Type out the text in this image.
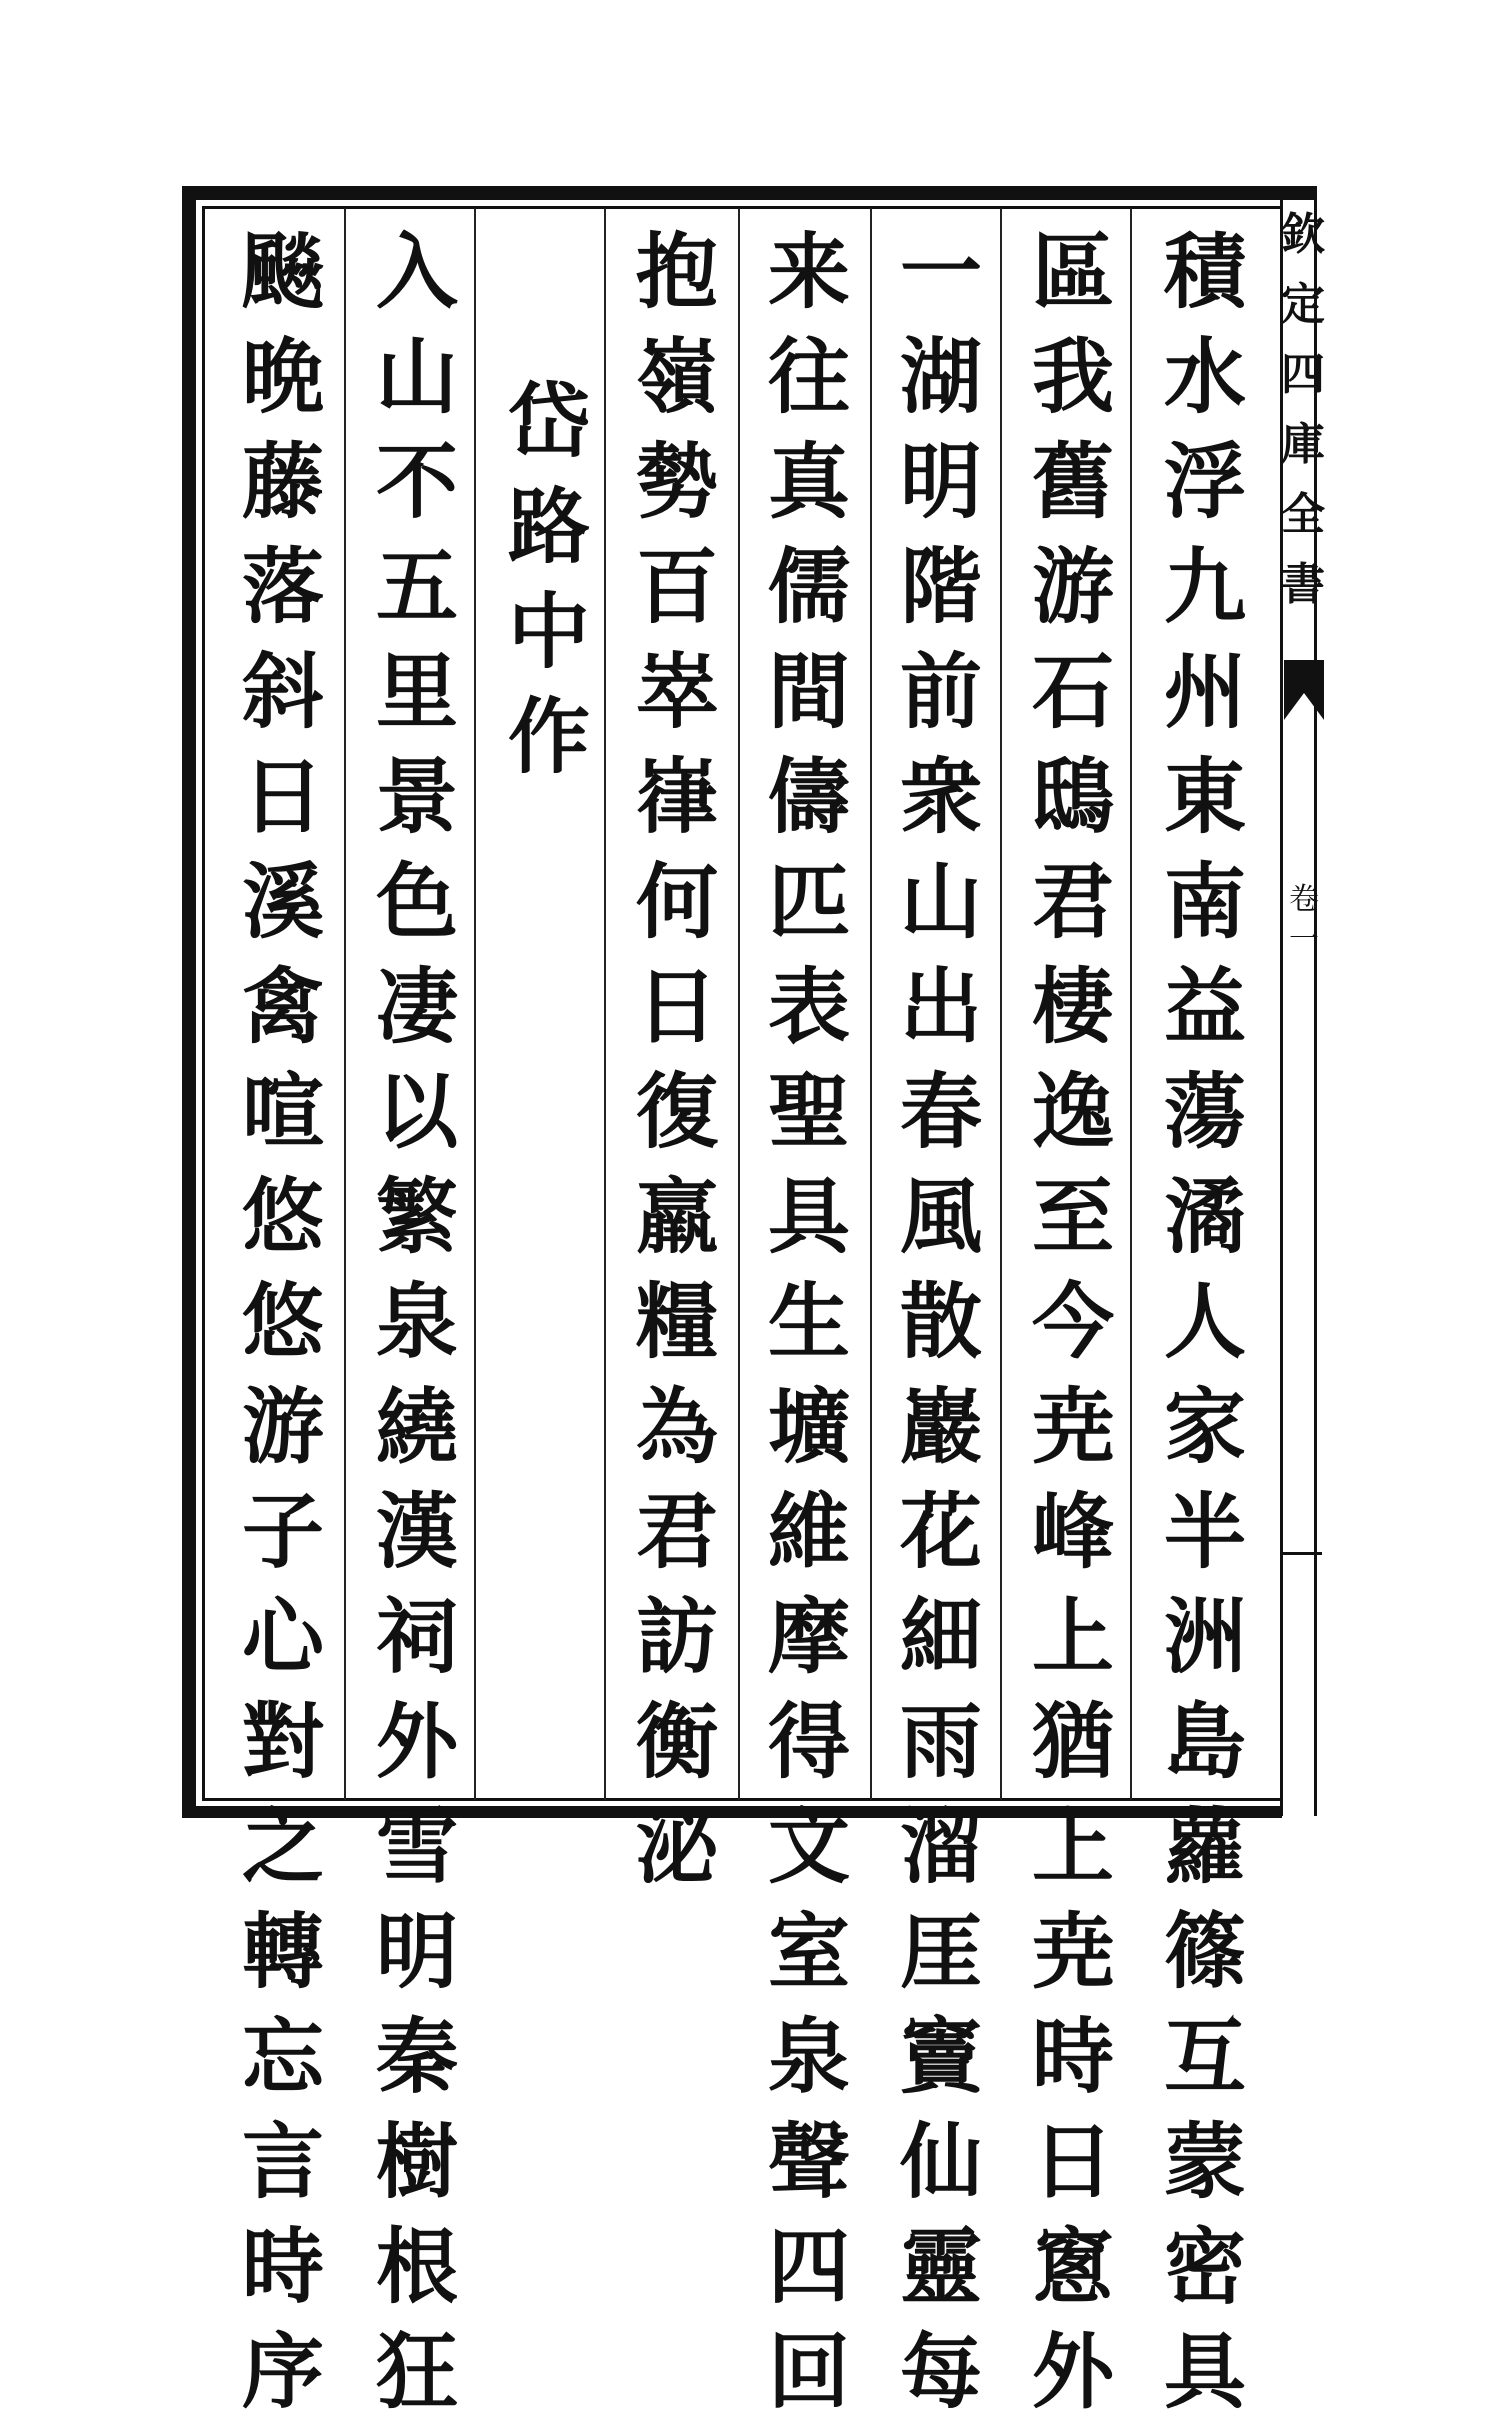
積
水
浮
九
州
東
南
益
蕩
潏
人
家
半
洲
島
蘿
篠
互
蒙
密
具
區
我
舊
游
石
鴟
君
棲
逸
至
今
尭
峰
上
猶
上
尭
時
日
窻
外
一
湖
明
階
前
衆
山
出
春
風
散
巖
花
細
雨
溜
厓
竇
仙
靈
每
来
往
真
儒
間
儔
匹
表
聖
具
生
壙
維
摩
得
文
室
泉
聲
四
回
抱
嶺
勢
百
崒
嵂
何
日
復
羸
糧
為
君
訪
衡
泌
岱
路
中
作
入
山
不
五
里
景
色
凄
以
繁
泉
繞
漢
祠
外
雪
明
秦
樹
根
狂
飈
晩
藤
落
斜
日
溪
禽
喧
悠
悠
游
子
心
對
之
轉
忘
言
時
序
欽
定
四
庫
全
書
卷
一
